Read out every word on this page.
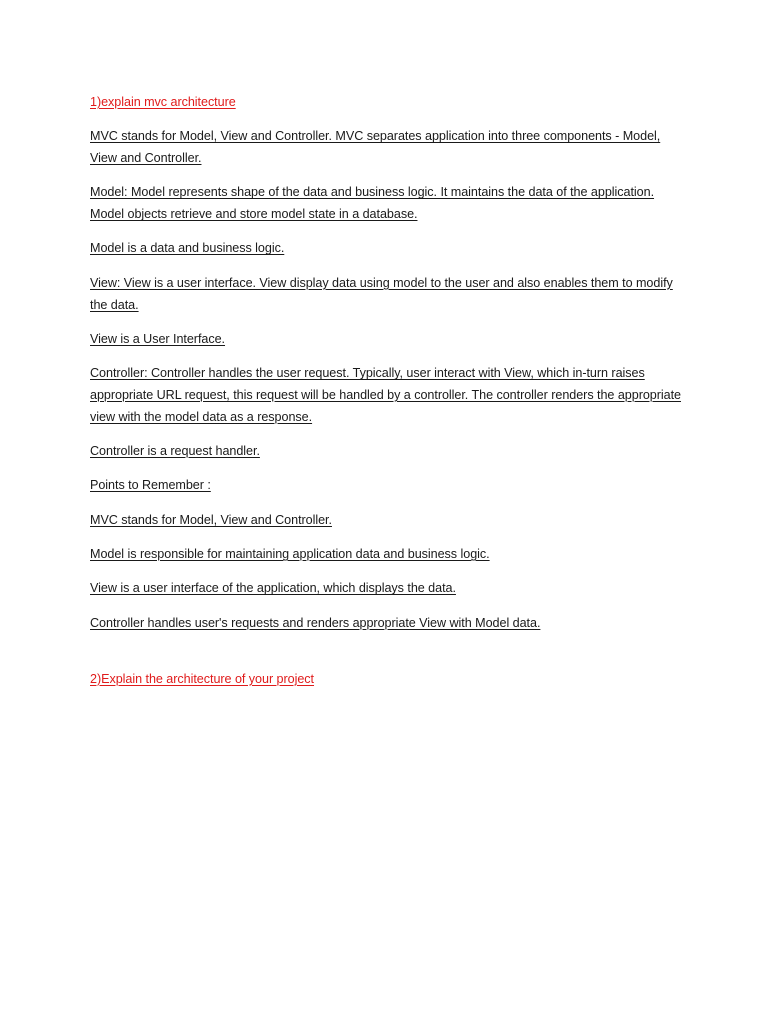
1)explain mvc architecture

MVC stands for Model, View and Controller. MVC separates application into three components - Model, View and Controller.

Model: Model represents shape of the data and business logic. It maintains the data of the application. Model objects retrieve and store model state in a database.

Model is a data and business logic.

View: View is a user interface. View display data using model to the user and also enables them to modify the data.

View is a User Interface.

Controller: Controller handles the user request. Typically, user interact with View, which in-turn raises appropriate URL request, this request will be handled by a controller. The controller renders the appropriate view with the model data as a response.

Controller is a request handler.

Points to Remember :

MVC stands for Model, View and Controller.

Model is responsible for maintaining application data and business logic.

View is a user interface of the application, which displays the data.

Controller handles user's requests and renders appropriate View with Model data.

2)Explain the architecture of your project
